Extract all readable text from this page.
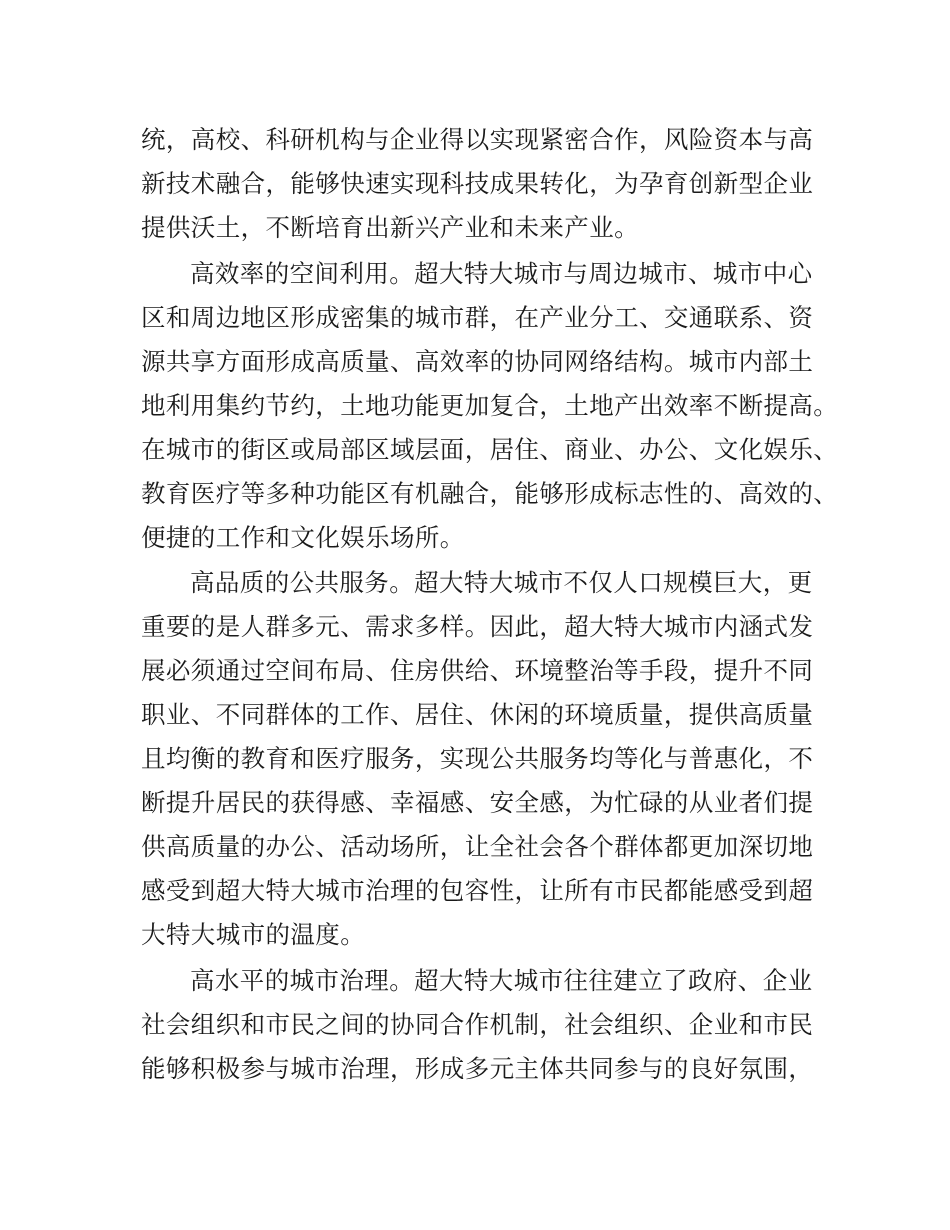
统，高校、科研机构与企业得以实现紧密合作，风险资本与高
新技术融合，能够快速实现科技成果转化，为孕育创新型企业
提供沃土，不断培育出新兴产业和未来产业。

高效率的空间利用。超大特大城市与周边城市、城市中心
区和周边地区形成密集的城市群，在产业分工、交通联系、资
源共享方面形成高质量、高效率的协同网络结构。城市内部土
地利用集约节约，土地功能更加复合，土地产出效率不断提高。
在城市的街区或局部区域层面，居住、商业、办公、文化娱乐、
教育医疗等多种功能区有机融合，能够形成标志性的、高效的、
便捷的工作和文化娱乐场所。

高品质的公共服务。超大特大城市不仅人口规模巨大，更
重要的是人群多元、需求多样。因此，超大特大城市内涵式发
展必须通过空间布局、住房供给、环境整治等手段，提升不同
职业、不同群体的工作、居住、休闲的环境质量，提供高质量
且均衡的教育和医疗服务，实现公共服务均等化与普惠化，不
断提升居民的获得感、幸福感、安全感，为忙碌的从业者们提
供高质量的办公、活动场所，让全社会各个群体都更加深切地
感受到超大特大城市治理的包容性，让所有市民都能感受到超
大特大城市的温度。

高水平的城市治理。超大特大城市往往建立了政府、企业
社会组织和市民之间的协同合作机制，社会组织、企业和市民
能够积极参与城市治理，形成多元主体共同参与的良好氛围，
